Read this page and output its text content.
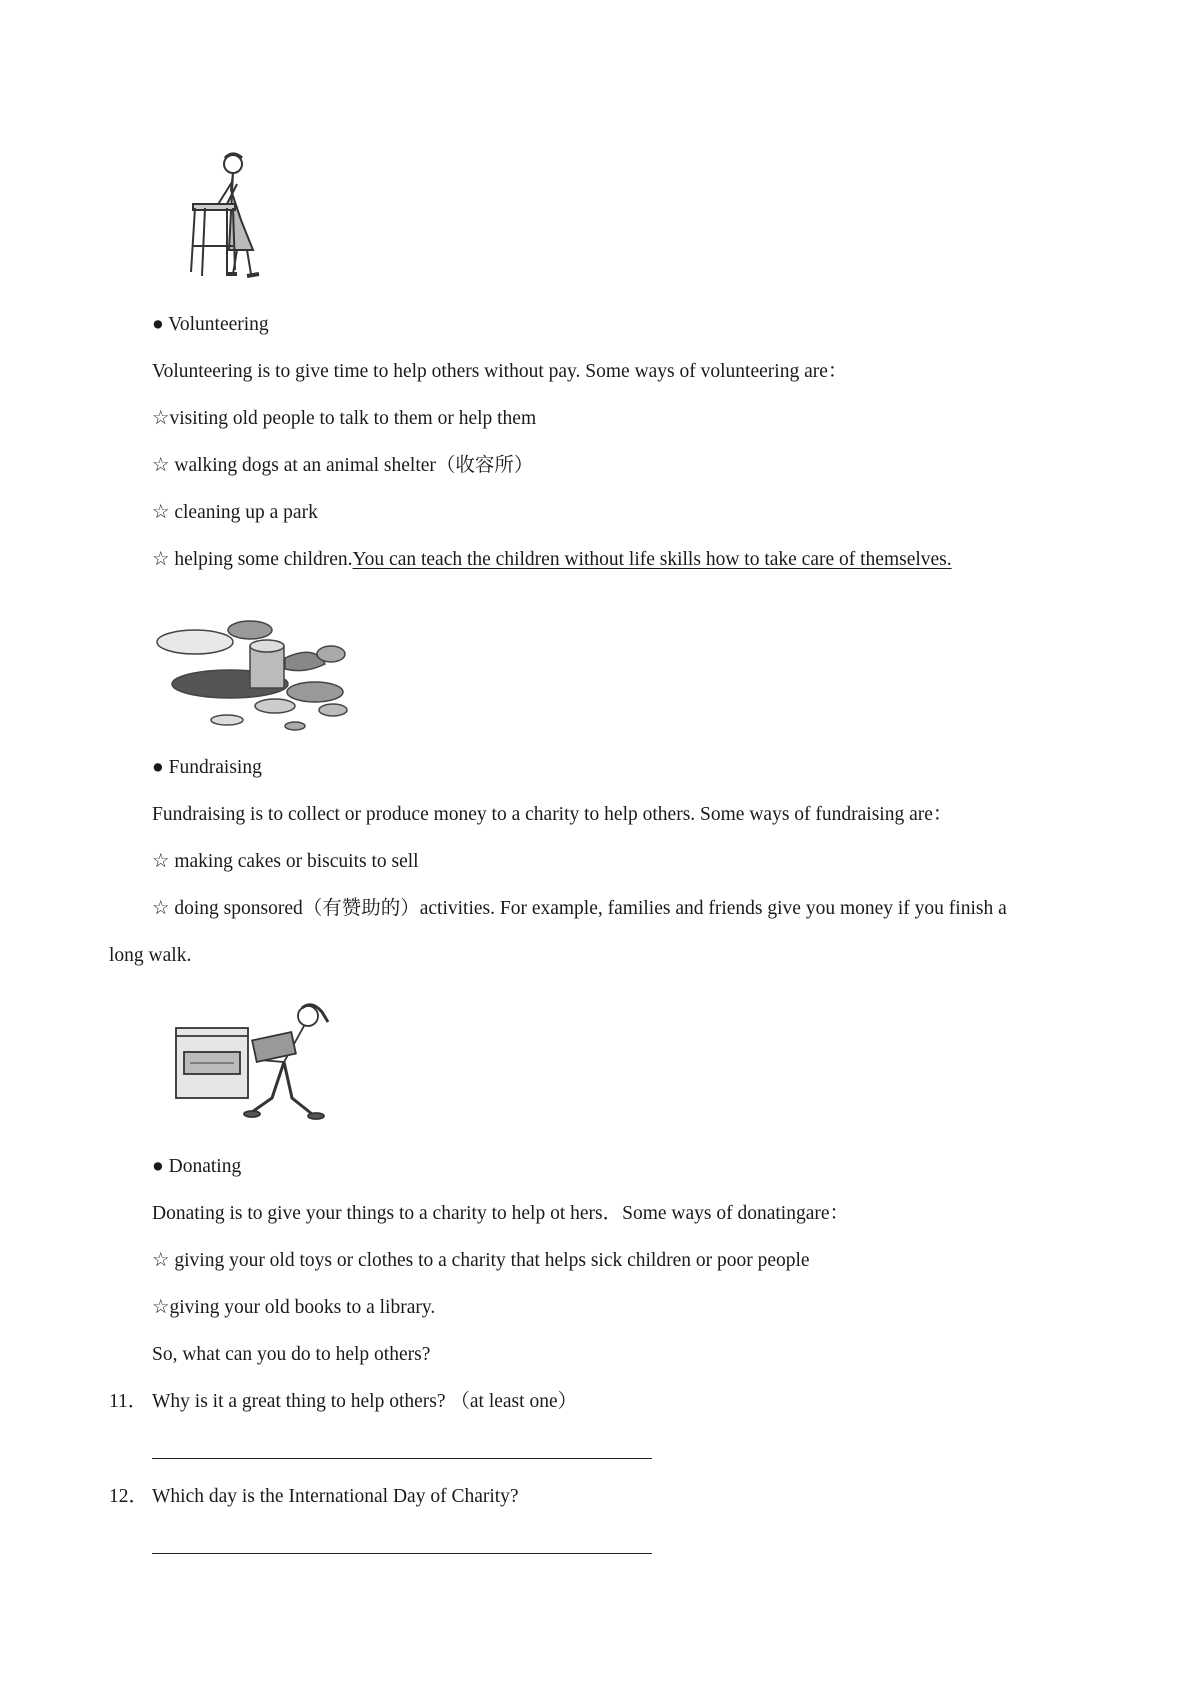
● Volunteering
Volunteering is to give time to help others without pay. Some ways of volunteering are：
☆visiting old people to talk to them or help them
☆ walking dogs at an animal shelter（收容所）
☆ cleaning up a park
☆ helping some children.You can teach the children without life skills how to take care of themselves.
● Fundraising
Fundraising is to collect or produce money to a charity to help others. Some ways of fundraising are：
☆ making cakes or biscuits to sell
☆ doing sponsored（有赞助的）activities. For example, families and friends give you money if you finish a
long walk.
● Donating
Donating is to give your things to a charity to help ot hers．Some ways of donatingare：
☆ giving your old toys or clothes to a charity that helps sick children or poor people
☆giving your old books to a library.
So, what can you do to help others?
11． Why is it a great thing to help others? （at least one）
12． Which day is the International Day of Charity?
